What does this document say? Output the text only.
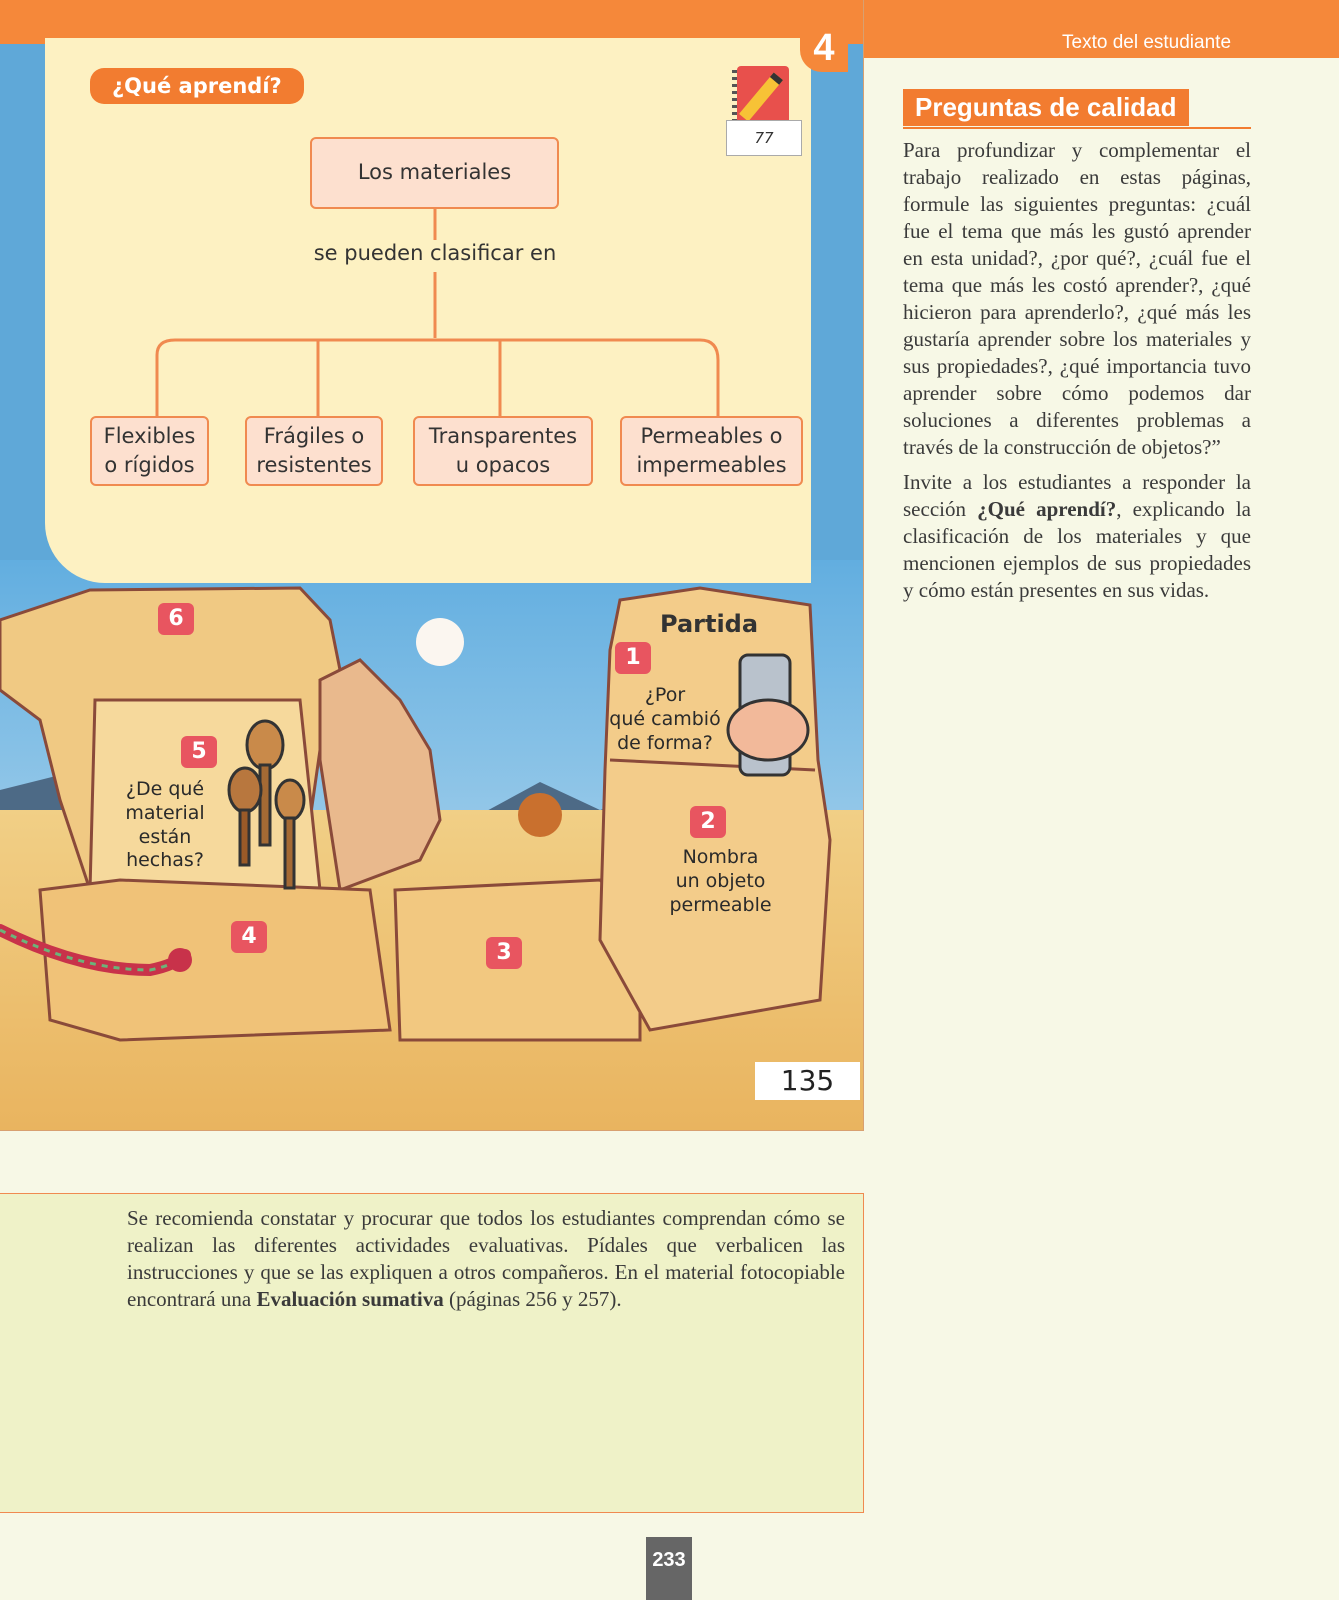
4
¿Qué aprendí?
77
Los materiales
se pueden clasificar en
Flexibles
o rígidos
Frágiles o
resistentes
Transparentes
u opacos
Permeables o
impermeables
Partida
1
¿Por
qué cambió
de forma?
2
Nombra
un objeto
permeable
3
4
5
¿De qué
material
están
hechas?
6
135
Texto del estudiante
Preguntas de calidad
Para profundizar y complementar el trabajo realizado en estas páginas, formule las siguientes preguntas: ¿cuál fue el tema que más les gustó aprender en esta unidad?, ¿por qué?, ¿cuál fue el tema que más les costó aprender?, ¿qué hicieron para aprenderlo?, ¿qué más les gustaría aprender sobre los materiales y sus propiedades?, ¿qué importancia tuvo aprender sobre cómo podemos dar soluciones a diferentes problemas a través de la construcción de objetos?”
Invite a los estudiantes a responder la sección ¿Qué aprendí?, explicando la clasificación de los materiales y que mencionen ejemplos de sus propiedades y cómo están presentes en sus vidas.
Se recomienda constatar y procurar que todos los estudiantes comprendan cómo se realizan las diferentes actividades evaluativas. Pídales que verbalicen las instrucciones y que se las expliquen a otros compañeros. En el material fotocopiable encontrará una Evaluación sumativa (páginas 256 y 257).
233
